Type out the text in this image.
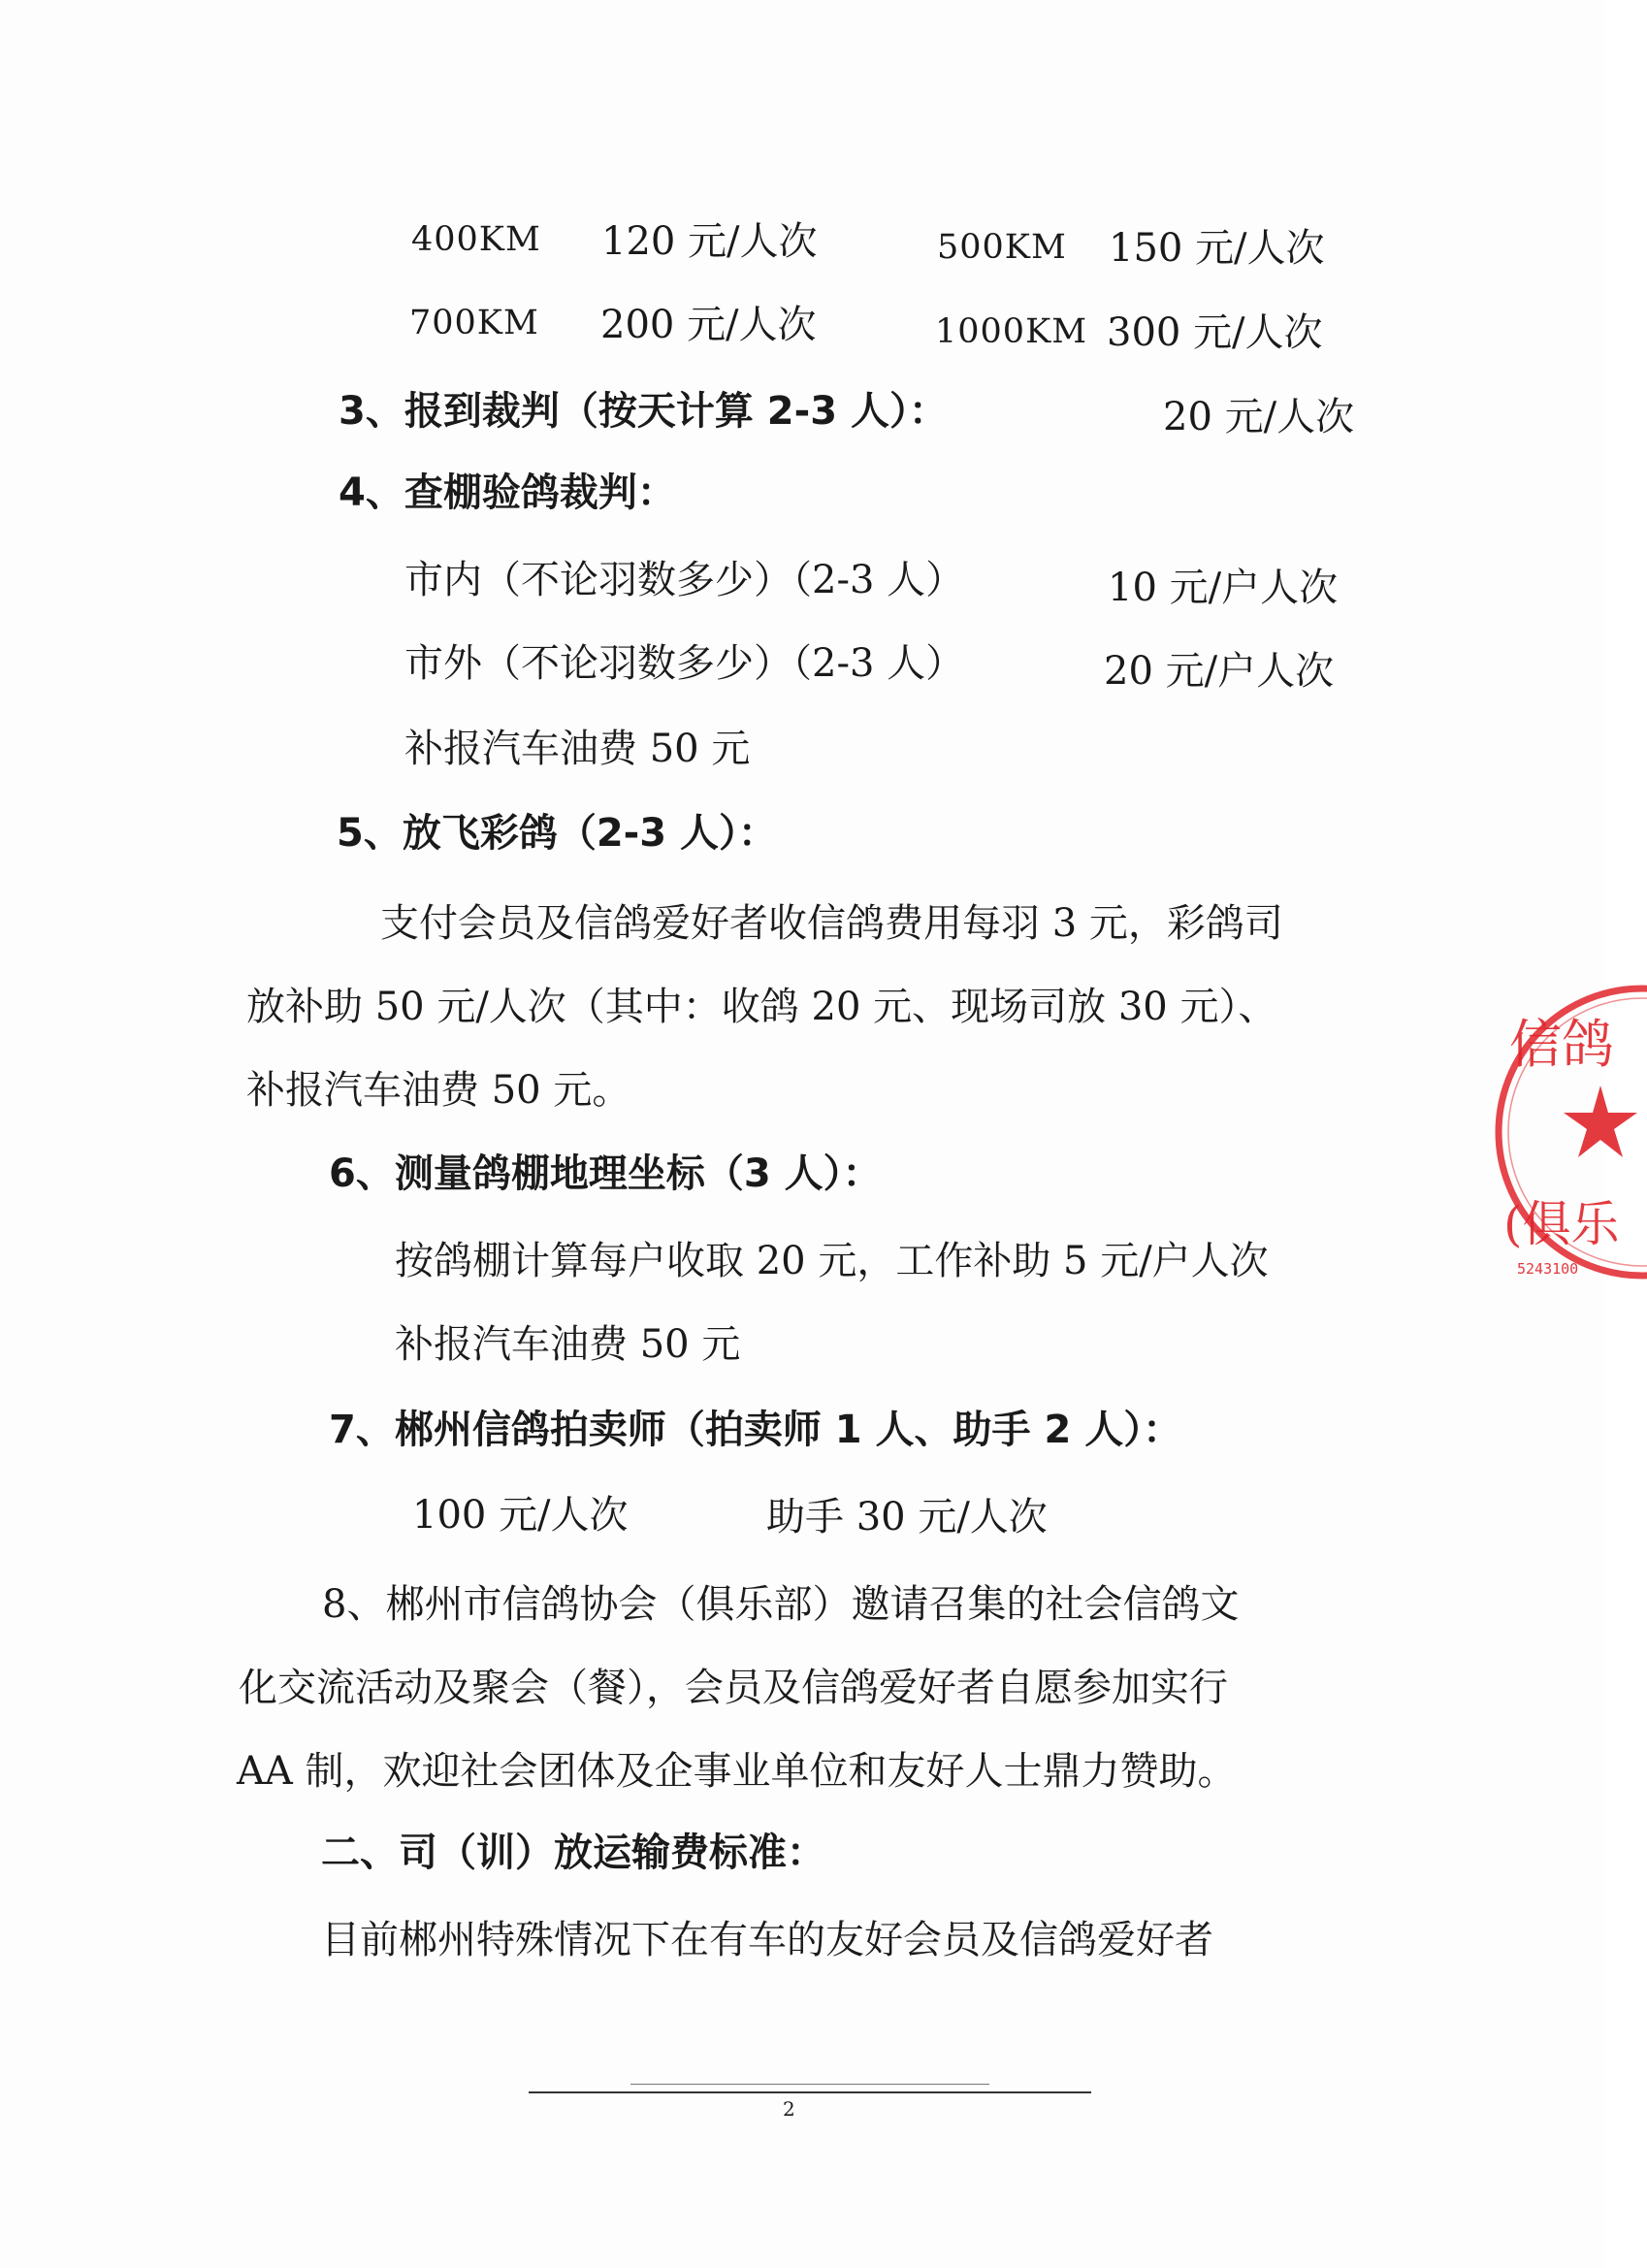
400KM 120 元/人次	500KM 150 元/人次
700KM 200 元/人次	1000KM 300 元/人次
3、报到裁判（按天计算 2-3 人）：	20 元/人次
4、查棚验鸽裁判：
市内（不论羽数多少）（2-3 人）	10 元/户人次
市外（不论羽数多少）（2-3 人）	20 元/户人次
补报汽车油费 50 元
5、放飞彩鸽（2-3 人）：
支付会员及信鸽爱好者收信鸽费用每羽 3 元，彩鸽司
放补助 50 元/人次（其中：收鸽 20 元、现场司放 30 元）、
补报汽车油费 50 元。
6、测量鸽棚地理坐标（3 人）：
按鸽棚计算每户收取 20 元，工作补助 5 元/户人次
补报汽车油费 50 元
7、郴州信鸽拍卖师（拍卖师 1 人、助手 2 人）：
100 元/人次	助手 30 元/人次
8、郴州市信鸽协会（俱乐部）邀请召集的社会信鸽文
化交流活动及聚会（餐），会员及信鸽爱好者自愿参加实行
AA 制，欢迎社会团体及企事业单位和友好人士鼎力赞助。
二、司（训）放运输费标准：
目前郴州特殊情况下在有车的友好会员及信鸽爱好者
2
信鸽
(俱乐
5243100
